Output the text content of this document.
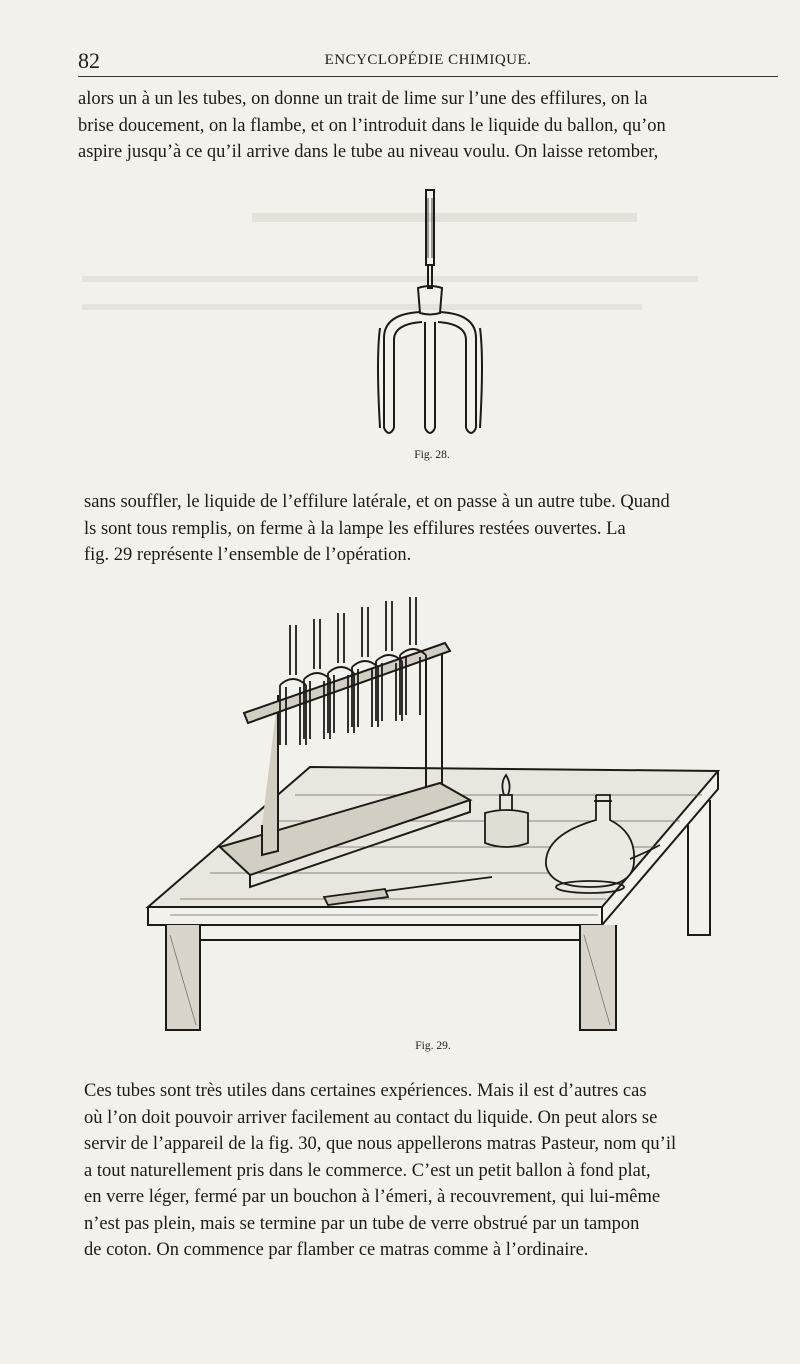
82	ENCYCLOPÉDIE CHIMIQUE.

alors un à un les tubes, on donne un trait de lime sur l’une des effilures, on la
brise doucement, on la flambe, et on l’introduit dans le liquide du ballon, qu’on
aspire jusqu’à ce qu’il arrive dans le tube au niveau voulu. On laisse retomber,

Fig. 28.

sans souffler, le liquide de l’effilure latérale, et on passe à un autre tube. Quand
ls sont tous remplis, on ferme à la lampe les effilures restées ouvertes. La
fig. 29 représente l’ensemble de l’opération.

Fig. 29.

Ces tubes sont très utiles dans certaines expériences. Mais il est d’autres cas
où l’on doit pouvoir arriver facilement au contact du liquide. On peut alors se
servir de l’appareil de la fig. 30, que nous appellerons matras Pasteur, nom qu’il
a tout naturellement pris dans le commerce. C’est un petit ballon à fond plat,
en verre léger, fermé par un bouchon à l’émeri, à recouvrement, qui lui-même
n’est pas plein, mais se termine par un tube de verre obstrué par un tampon
de coton. On commence par flamber ce matras comme à l’ordinaire.
